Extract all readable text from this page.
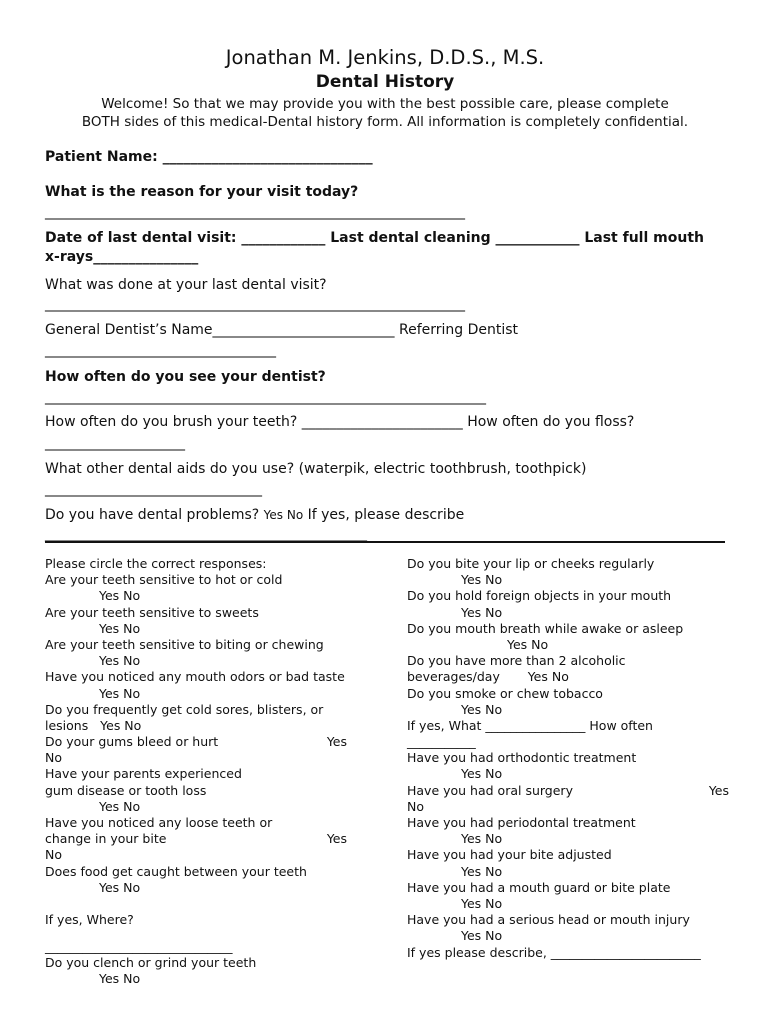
Jonathan M. Jenkins, D.D.S., M.S.
Dental History
Welcome! So that we may provide you with the best possible care, please complete
BOTH sides of this medical-Dental history form. All information is completely confidential.
Patient Name: ______________________________
What is the reason for your visit today?
____________________________________________________________
Date of last dental visit: ____________ Last dental cleaning ____________ Last full mouth
x-rays_______________
What was done at your last dental visit?
____________________________________________________________
General Dentist’s Name__________________________ Referring Dentist
_________________________________
How often do you see your dentist?
_______________________________________________________________
How often do you brush your teeth? _______________________ How often do you floss?
____________________
What other dental aids do you use? (waterpik, electric toothbrush, toothpick)
_______________________________
Do you have dental problems? Yes No If yes, please describe
______________________________________________
Please circle the correct responses:
Are your teeth sensitive to hot or cold
Yes No
Are your teeth sensitive to sweets
Yes No
Are your teeth sensitive to biting or chewing
Yes No
Have you noticed any mouth odors or bad taste
Yes No
Do you frequently get cold sores, blisters, or
lesions Yes No
Do your gums bleed or hurt	Yes
No
Have your parents experienced
gum disease or tooth loss
Yes No
Have you noticed any loose teeth or
change in your bite	Yes
No
Does food get caught between your teeth
Yes No
If yes, Where?
______________________________
Do you clench or grind your teeth
Yes No
Do you bite your lip or cheeks regularly
Yes No
Do you hold foreign objects in your mouth
Yes No
Do you mouth breath while awake or asleep
Yes No
Do you have more than 2 alcoholic
beverages/day Yes No
Do you smoke or chew tobacco
Yes No
If yes, What ________________ How often
___________
Have you had orthodontic treatment
Yes No
Have you had oral surgery	Yes
No
Have you had periodontal treatment
Yes No
Have you had your bite adjusted
Yes No
Have you had a mouth guard or bite plate
Yes No
Have you had a serious head or mouth injury
Yes No
If yes please describe, ________________________
